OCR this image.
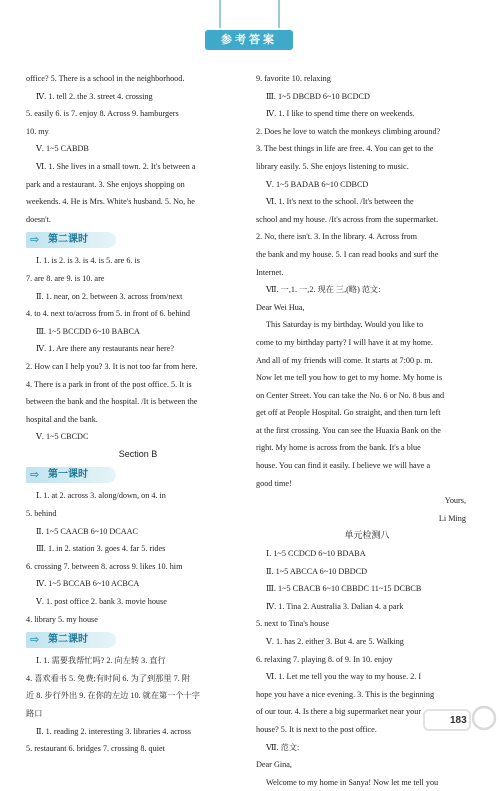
参考答案

office? 5. There is a school in the neighborhood.

Ⅳ. 1. tell 2. the 3. street 4. crossing

5. easily 6. is 7. enjoy 8. Across 9. hamburgers

10. my

Ⅴ. 1~5 CABDB

Ⅵ. 1. She lives in a small town. 2. It's between a

park and a restaurant. 3. She enjoys shopping on

weekends. 4. He is Mrs. White's husband. 5. No, he

doesn't.

⇨ 第二课时

Ⅰ. 1. is 2. is 3. is 4. is 5. are 6. is

7. are 8. are 9. is 10. are

Ⅱ. 1. near, on 2. between 3. across from/next

4. to 4. next to/across from 5. in front of 6. behind

Ⅲ. 1~5 BCCDD 6~10 BABCA

Ⅳ. 1. Are there any restaurants near here?

2. How can I help you? 3. It is not too far from here.

4. There is a park in front of the post office. 5. It is

between the bank and the hospital. /It is between the

hospital and the bank.

Ⅴ. 1~5 CBCDC

Section B

⇨ 第一课时

Ⅰ. 1. at 2. across 3. along/down, on 4. in

5. behind

Ⅱ. 1~5 CAACB 6~10 DCAAC

Ⅲ. 1. in 2. station 3. goes 4. far 5. rides

6. crossing 7. between 8. across 9. likes 10. him

Ⅳ. 1~5 BCCAB 6~10 ACBCA

Ⅴ. 1. post office 2. bank 3. movie house

4. library 5. my house

⇨ 第二课时

Ⅰ. 1. 需要我帮忙吗? 2. 向左转 3. 直行

4. 喜欢看书 5. 免费;有时间 6. 为了到那里 7. 附

近 8. 步行外出 9. 在你的左边 10. 就在第一个十字

路口

Ⅱ. 1. reading 2. interesting 3. libraries 4. across

5. restaurant 6. bridges 7. crossing 8. quiet

9. favorite 10. relaxing

Ⅲ. 1~5 DBCBD 6~10 BCDCD

Ⅳ. 1. I like to spend time there on weekends.

2. Does he love to watch the monkeys climbing around?

3. The best things in life are free. 4. You can get to the

library easily. 5. She enjoys listening to music.

Ⅴ. 1~5 BADAB 6~10 CDBCD

Ⅵ. 1. It's next to the school. /It's between the

school and my house. /It's across from the supermarket.

2. No, there isn't. 3. In the library. 4. Across from

the bank and my house. 5. I can read books and surf the

Internet.

Ⅶ. 一,1. 一,2. 现在 三,(略) 范文:

Dear Wei Hua,

This Saturday is my birthday. Would you like to

come to my birthday party? I will have it at my home.

And all of my friends will come. It starts at 7:00 p. m.

Now let me tell you how to get to my home. My home is

on Center Street. You can take the No. 6 or No. 8 bus and

get off at People Hospital. Go straight, and then turn left

at the first crossing. You can see the Huaxia Bank on the

right. My home is across from the bank. It's a blue

house. You can find it easily. I believe we will have a

good time!

Yours,

Li Ming

单元检测八

Ⅰ. 1~5 CCDCD 6~10 BDABA

Ⅱ. 1~5 ABCCA 6~10 DBDCD

Ⅲ. 1~5 CBACB 6~10 CBBDC 11~15 DCBCB

Ⅳ. 1. Tina 2. Australia 3. Dalian 4. a park

5. next to Tina's house

Ⅴ. 1. has 2. either 3. But 4. are 5. Walking

6. relaxing 7. playing 8. of 9. In 10. enjoy

Ⅵ. 1. Let me tell you the way to my house. 2. I

hope you have a nice evening. 3. This is the beginning

of our tour. 4. Is there a big supermarket near your

house? 5. It is next to the post office.

Ⅶ. 范文:

Dear Gina,

Welcome to my home in Sanya! Now let me tell you

183
